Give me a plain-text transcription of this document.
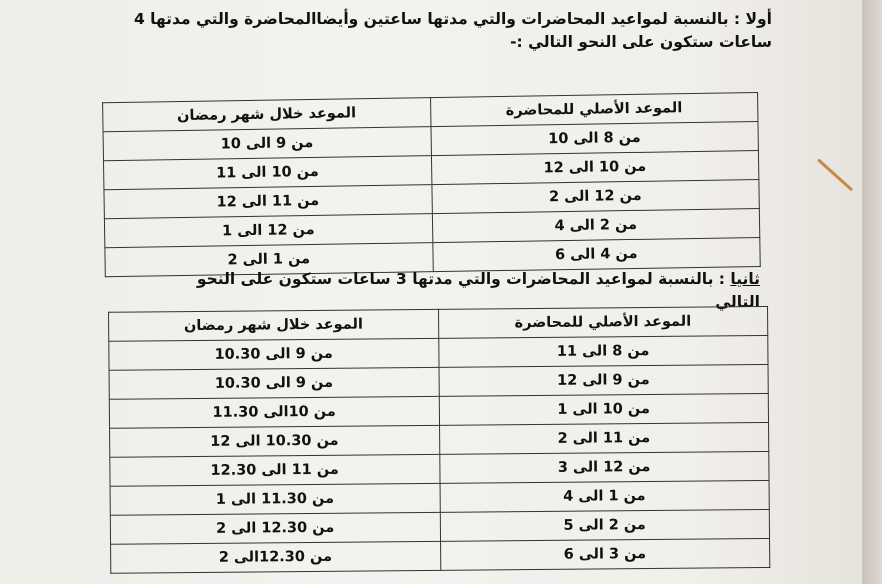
أولا : بالنسبة لمواعيد المحاضرات والتي مدتها ساعتين وأيضاالمحاضرة والتي مدتها 4 ساعات ستكون على النحو التالي :-
الموعد الأصلي للمحاضرة	الموعد خلال شهر رمضان
من 8 الى 10	من 9 الى 10
من 10 الى 12	من 10 الى 11
من 12 الى 2	من 11 الى 12
من 2 الى 4	من 12 الى 1
من 4 الى 6	من 1 الى 2
ثانيا : بالنسبة لمواعيد المحاضرات والتي مدتها 3 ساعات ستكون على النحو التالي
الموعد الأصلي للمحاضرة	الموعد خلال شهر رمضان
من 8 الى 11	من 9 الى 10.30
من 9 الى 12	من 9 الى 10.30
من 10 الى 1	من 10الى 11.30
من 11 الى 2	من 10.30 الى 12
من 12 الى 3	من 11 الى 12.30
من 1 الى 4	من 11.30 الى 1
من 2 الى 5	من 12.30 الى 2
من 3 الى 6	من 12.30الى 2
